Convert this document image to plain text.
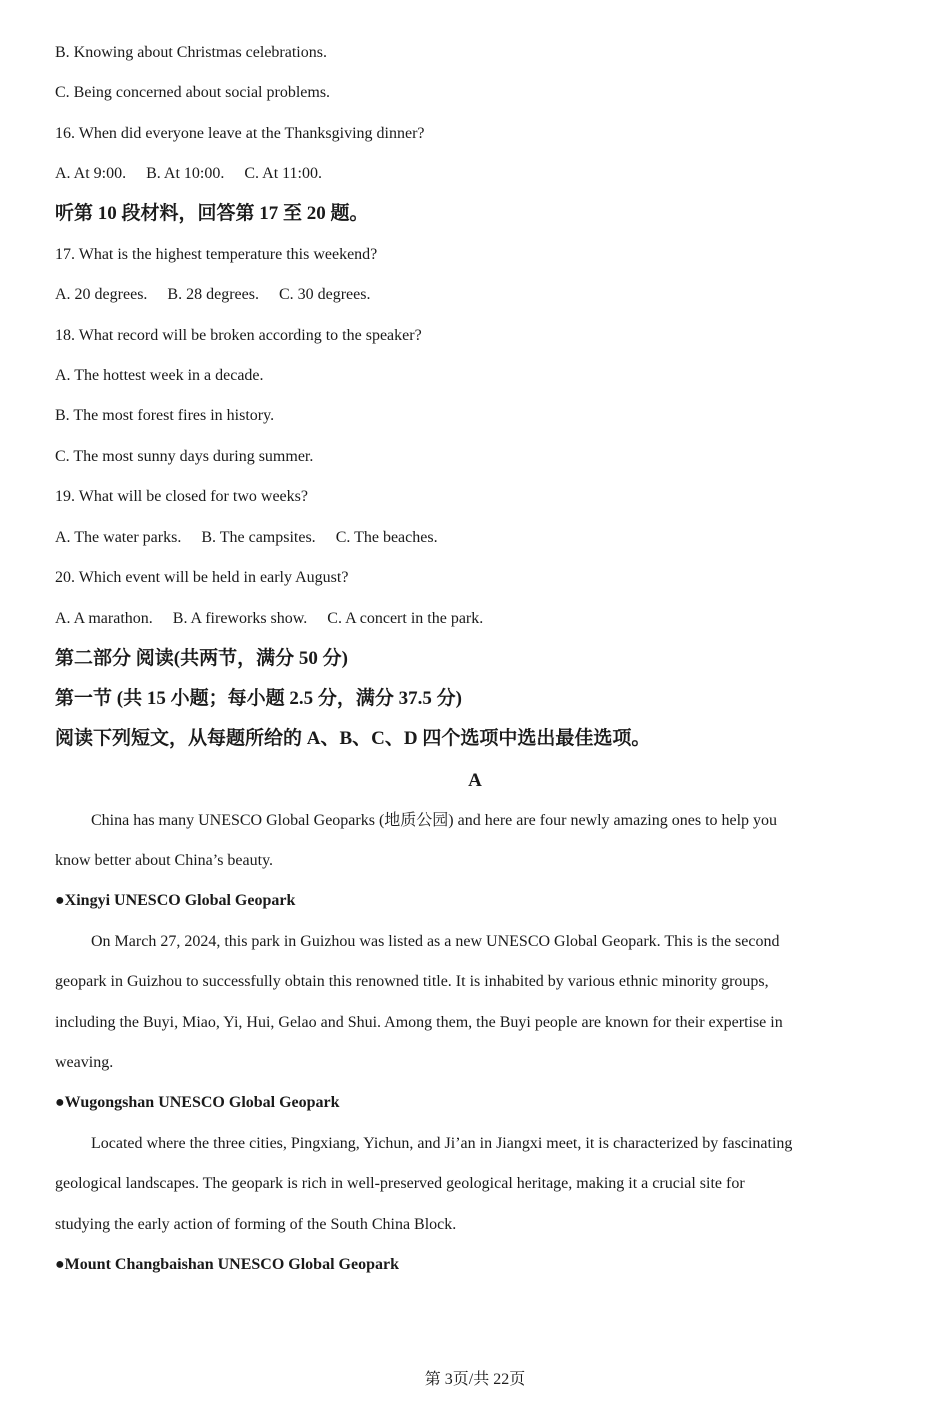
B. Knowing about Christmas celebrations.
C. Being concerned about social problems.
16. When did everyone leave at the Thanksgiving dinner?
A. At 9:00. B. At 10:00. C. At 11:00.
听第 10 段材料，回答第 17 至 20 题。
17. What is the highest temperature this weekend?
A. 20 degrees. B. 28 degrees. C. 30 degrees.
18. What record will be broken according to the speaker?
A. The hottest week in a decade.
B. The most forest fires in history.
C. The most sunny days during summer.
19. What will be closed for two weeks?
A. The water parks. B. The campsites. C. The beaches.
20. Which event will be held in early August?
A. A marathon. B. A fireworks show. C. A concert in the park.
第二部分 阅读(共两节，满分 50 分)
第一节 (共 15 小题；每小题 2.5 分，满分 37.5 分)
阅读下列短文，从每题所给的 A、B、C、D 四个选项中选出最佳选项。
A
China has many UNESCO Global Geoparks (地质公园) and here are four newly amazing ones to help you
know better about China’s beauty.
●Xingyi UNESCO Global Geopark
On March 27, 2024, this park in Guizhou was listed as a new UNESCO Global Geopark. This is the second
geopark in Guizhou to successfully obtain this renowned title. It is inhabited by various ethnic minority groups,
including the Buyi, Miao, Yi, Hui, Gelao and Shui. Among them, the Buyi people are known for their expertise in
weaving.
●Wugongshan UNESCO Global Geopark
Located where the three cities, Pingxiang, Yichun, and Ji’an in Jiangxi meet, it is characterized by fascinating
geological landscapes. The geopark is rich in well-preserved geological heritage, making it a crucial site for
studying the early action of forming of the South China Block.
●Mount Changbaishan UNESCO Global Geopark
第 3页/共 22页
